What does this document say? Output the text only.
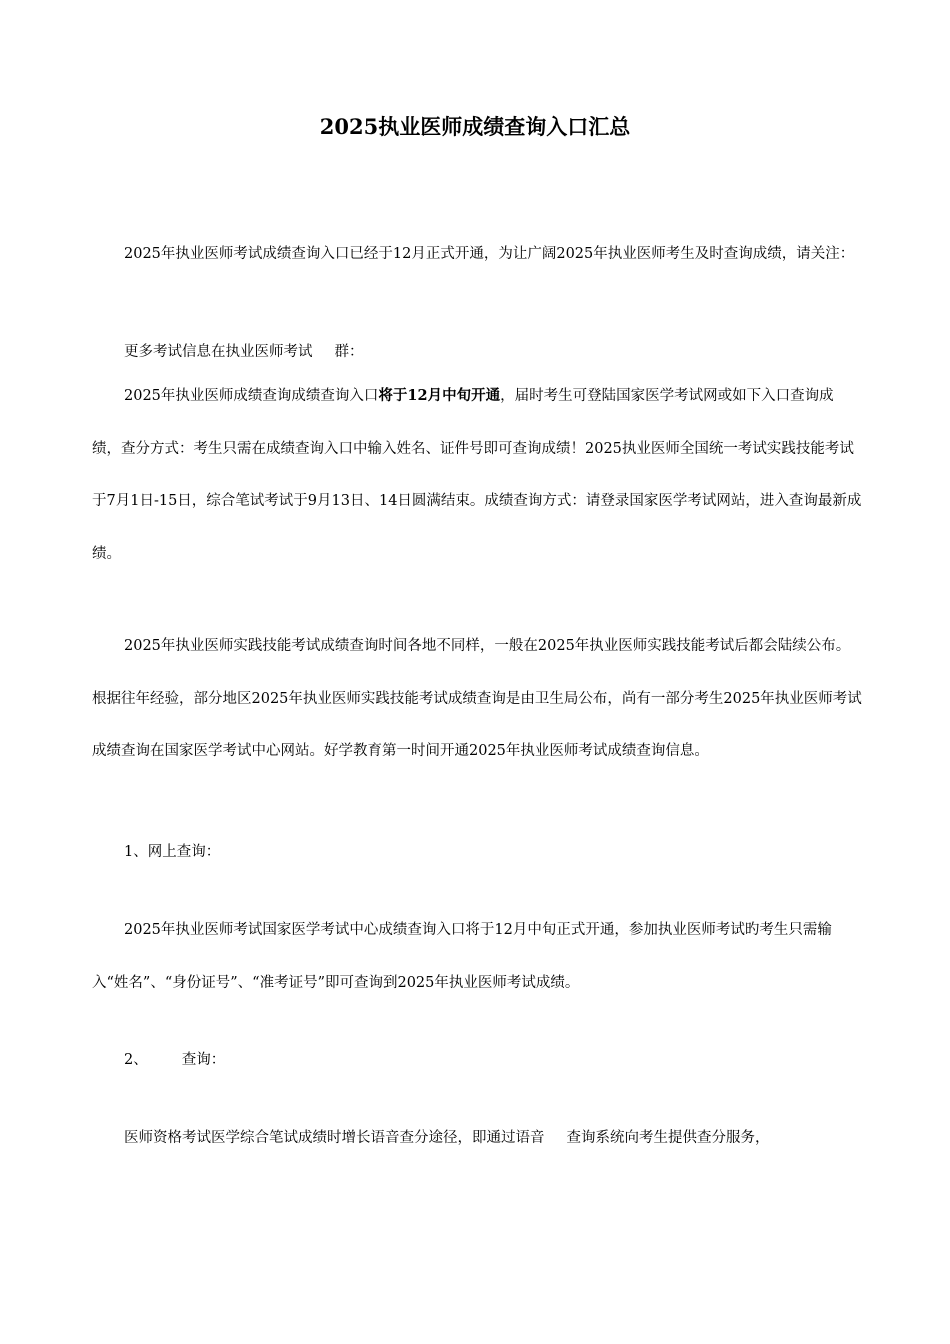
2025执业医师成绩查询入口汇总

2025年执业医师考试成绩查询入口已经于12月正式开通，为让广阔2025年执业医师考生及时查询成绩，请关注：

更多考试信息在执业医师考试 群：

2025年执业医师成绩查询成绩查询入口将于12月中旬开通，届时考生可登陆国家医学考试网或如下入口查询成绩，查分方式：考生只需在成绩查询入口中输入姓名、证件号即可查询成绩！2025执业医师全国统一考试实践技能考试于7月1日-15日，综合笔试考试于9月13日、14日圆满结束。成绩查询方式：请登录国家医学考试网站，进入查询最新成绩。

2025年执业医师实践技能考试成绩查询时间各地不同样，一般在2025年执业医师实践技能考试后都会陆续公布。根据往年经验，部分地区2025年执业医师实践技能考试成绩查询是由卫生局公布，尚有一部分考生2025年执业医师考试成绩查询在国家医学考试中心网站。好学教育第一时间开通2025年执业医师考试成绩查询信息。

1、网上查询：

2025年执业医师考试国家医学考试中心成绩查询入口将于12月中旬正式开通，参加执业医师考试旳考生只需输入“姓名”、“身份证号”、“准考证号”即可查询到2025年执业医师考试成绩。

2、 查询：

医师资格考试医学综合笔试成绩时增长语音查分途径，即通过语音 查询系统向考生提供查分服务，
